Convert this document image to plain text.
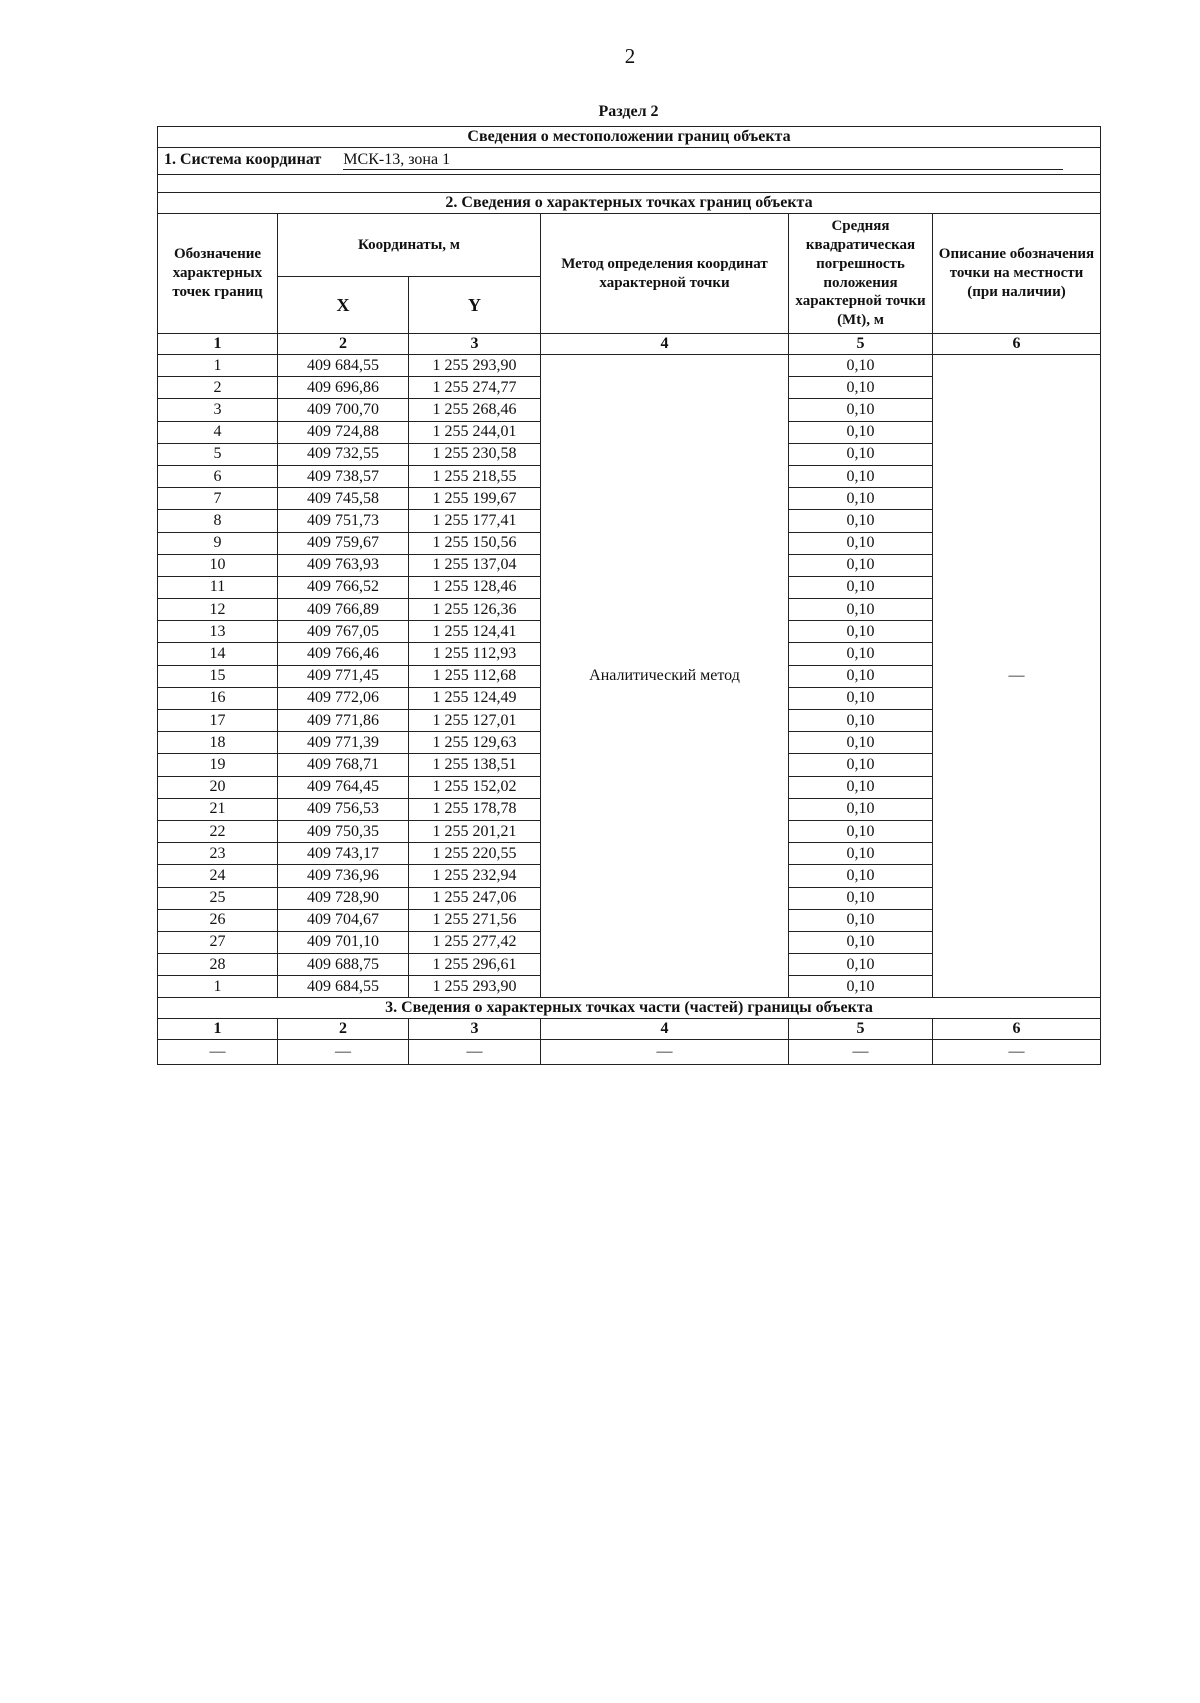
2
Раздел 2
Сведения о местоположении границ объекта					
1. Система координат МСК-13, зона 1					

2. Сведения о характерных точках границ объекта					
Обозначение характерных точек границ	Координаты, м		Метод определения координат характерной точки	Средняя квадратическая погрешность положения характерной точки (Mt), м	Описание обозначения точки на местности (при наличии)
	X	Y			
1	2	3	4	5	6
1	409 684,55	1 255 293,90	Аналитический метод	0,10	—
2	409 696,86	1 255 274,77		0,10	
3	409 700,70	1 255 268,46		0,10	
4	409 724,88	1 255 244,01		0,10	
5	409 732,55	1 255 230,58		0,10	
6	409 738,57	1 255 218,55		0,10	
7	409 745,58	1 255 199,67		0,10	
8	409 751,73	1 255 177,41		0,10	
9	409 759,67	1 255 150,56		0,10	
10	409 763,93	1 255 137,04		0,10	
11	409 766,52	1 255 128,46		0,10	
12	409 766,89	1 255 126,36		0,10	
13	409 767,05	1 255 124,41		0,10	
14	409 766,46	1 255 112,93		0,10	
15	409 771,45	1 255 112,68		0,10	
16	409 772,06	1 255 124,49		0,10	
17	409 771,86	1 255 127,01		0,10	
18	409 771,39	1 255 129,63		0,10	
19	409 768,71	1 255 138,51		0,10	
20	409 764,45	1 255 152,02		0,10	
21	409 756,53	1 255 178,78		0,10	
22	409 750,35	1 255 201,21		0,10	
23	409 743,17	1 255 220,55		0,10	
24	409 736,96	1 255 232,94		0,10	
25	409 728,90	1 255 247,06		0,10	
26	409 704,67	1 255 271,56		0,10	
27	409 701,10	1 255 277,42		0,10	
28	409 688,75	1 255 296,61		0,10	
1	409 684,55	1 255 293,90		0,10	
3. Сведения о характерных точках части (частей) границы объекта					
1	2	3	4	5	6
—	—	—	—	—	—
